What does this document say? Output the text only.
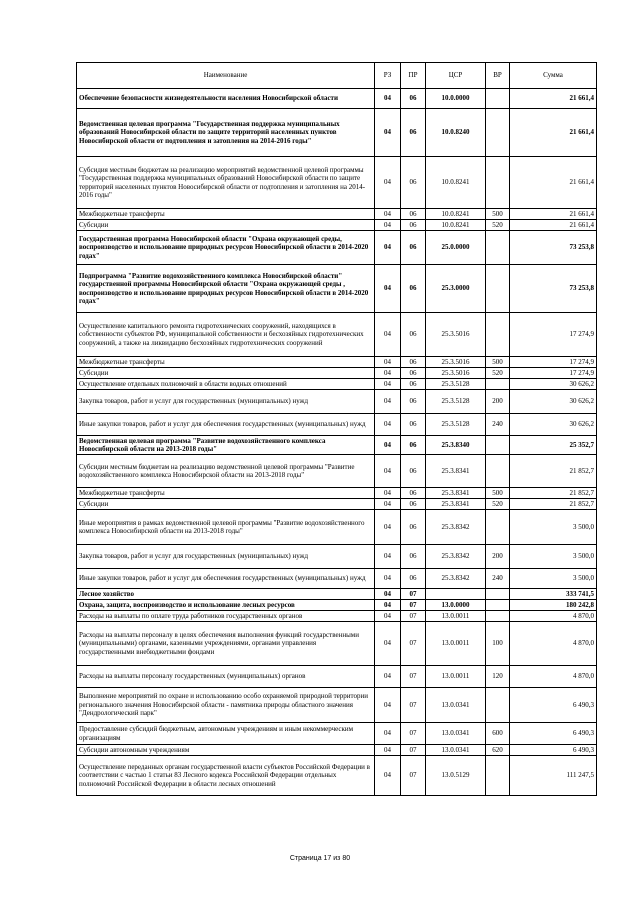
Наименование	РЗ	ПР	ЦСР	ВР	Сумма
Обеспечение безопасности жизнедеятельности населения Новосибирской области	04	06	10.0.0000		21 661,4
Ведомственная целевая программа "Государственная поддержка муниципальных образований Новосибирской области по защите территорий населенных пунктов Новосибирской области от подтопления и затопления на 2014-2016 годы"	04	06	10.0.8240		21 661,4
Субсидия местным бюджетам на реализацию мероприятий ведомственной целевой программы "Государственная поддержка муниципальных образований Новосибирской области по защите территорий населенных пунктов Новосибирской области от подтопления и затопления на 2014-2016 годы"	04	06	10.0.8241		21 661,4
Межбюджетные трансферты	04	06	10.0.8241	500	21 661,4
Субсидии	04	06	10.0.8241	520	21 661,4
Государственная программа Новосибирской области "Охрана окружающей среды, воспроизводство и использование природных ресурсов Новосибирской области в 2014-2020 годах"	04	06	25.0.0000		73 253,8
Подпрограмма "Развитие водохозяйственного комплекса Новосибирской области" государственной программы Новосибирской области "Охрана окружающей среды , воспроизводство и использование природных ресурсов Новосибирской области в 2014-2020 годах"	04	06	25.3.0000		73 253,8
Осуществление капитального ремонта гидротехнических сооружений, находящихся в собственности субъектов РФ, муниципальной собственности и бесхозяйных гидротехнических сооружений, а также на ликвидацию бесхозяйных гидротехнических сооружений	04	06	25.3.5016		17 274,9
Межбюджетные трансферты	04	06	25.3.5016	500	17 274,9
Субсидии	04	06	25.3.5016	520	17 274,9
Осуществление отдельных полномочий в области водных отношений	04	06	25.3.5128		30 626,2
Закупка товаров, работ и услуг для государственных (муниципальных) нужд	04	06	25.3.5128	200	30 626,2
Иные закупки товаров, работ и услуг для обеспечения государственных (муниципальных) нужд	04	06	25.3.5128	240	30 626,2
Ведомственная целевая программа "Развитие водохозяйственного комплекса Новосибирской области на 2013-2018 годы"	04	06	25.3.8340		25 352,7
Субсидии местным бюджетам на реализацию ведомственной целевой программы "Развитие водохозяйственного комплекса Новосибирской области на 2013-2018 годы"	04	06	25.3.8341		21 852,7
Межбюджетные трансферты	04	06	25.3.8341	500	21 852,7
Субсидии	04	06	25.3.8341	520	21 852,7
Иные мероприятия в рамках ведомственной целевой программы "Развитие водохозяйственного комплекса Новосибирской области на 2013-2018 годы"	04	06	25.3.8342		3 500,0
Закупка товаров, работ и услуг для государственных (муниципальных) нужд	04	06	25.3.8342	200	3 500,0
Иные закупки товаров, работ и услуг для обеспечения государственных (муниципальных) нужд	04	06	25.3.8342	240	3 500,0
Лесное хозяйство	04	07			333 741,5
Охрана, защита, воспроизводство и использование лесных ресурсов	04	07	13.0.0000		180 242,8
Расходы на выплаты по оплате труда работников государственных органов	04	07	13.0.0011		4 870,0
Расходы на выплаты персоналу в целях обеспечения выполнения функций государственными (муниципальными) органами, казенными учреждениями, органами управления государственными внебюджетными фондами	04	07	13.0.0011	100	4 870,0
Расходы на выплаты персоналу государственных (муниципальных) органов	04	07	13.0.0011	120	4 870,0
Выполнение мероприятий по охране и использованию особо охраняемой природной территории регионального значения Новосибирской области - памятника природы областного значения "Дендрологический парк"	04	07	13.0.0341		6 490,3
Предоставление субсидий бюджетным, автономным учреждениям и иным некоммерческим организациям	04	07	13.0.0341	600	6 490,3
Субсидии автономным учреждениям	04	07	13.0.0341	620	6 490,3
Осуществление переданных органам государственной власти субъектов Российской Федерации в соответствии с частью 1 статьи 83 Лесного кодекса Российской Федерации отдельных полномочий Российской Федерации в области лесных отношений	04	07	13.0.5129		111 247,5
Страница 17 из 80
